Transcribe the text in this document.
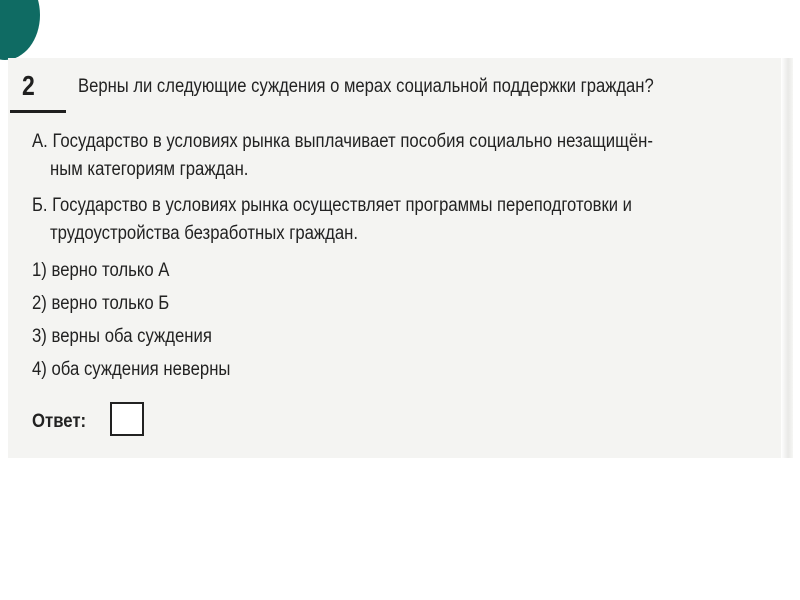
2 Верны ли следующие суждения о мерах социальной поддержки граждан?
А. Государство в условиях рынка выплачивает пособия социально незащищён-
ным категориям граждан.
Б. Государство в условиях рынка осуществляет программы переподготовки и
трудоустройства безработных граждан.
1) верно только А
2) верно только Б
3) верны оба суждения
4) оба суждения неверны
Ответ:
